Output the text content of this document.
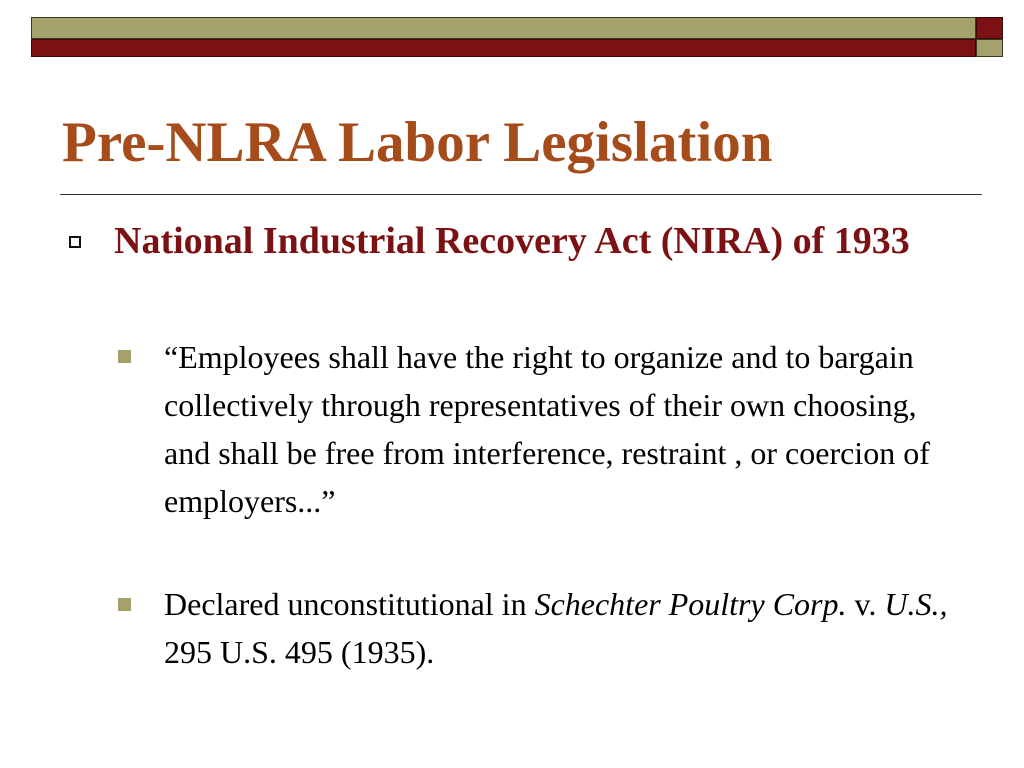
Pre-NLRA Labor Legislation

National Industrial Recovery Act (NIRA) of 1933

“Employees shall have the right to organize and to bargain collectively through representatives of their own choosing, and shall be free from interference, restraint , or coercion of employers...”

Declared unconstitutional in Schechter Poultry Corp. v. U.S., 295 U.S. 495 (1935).
